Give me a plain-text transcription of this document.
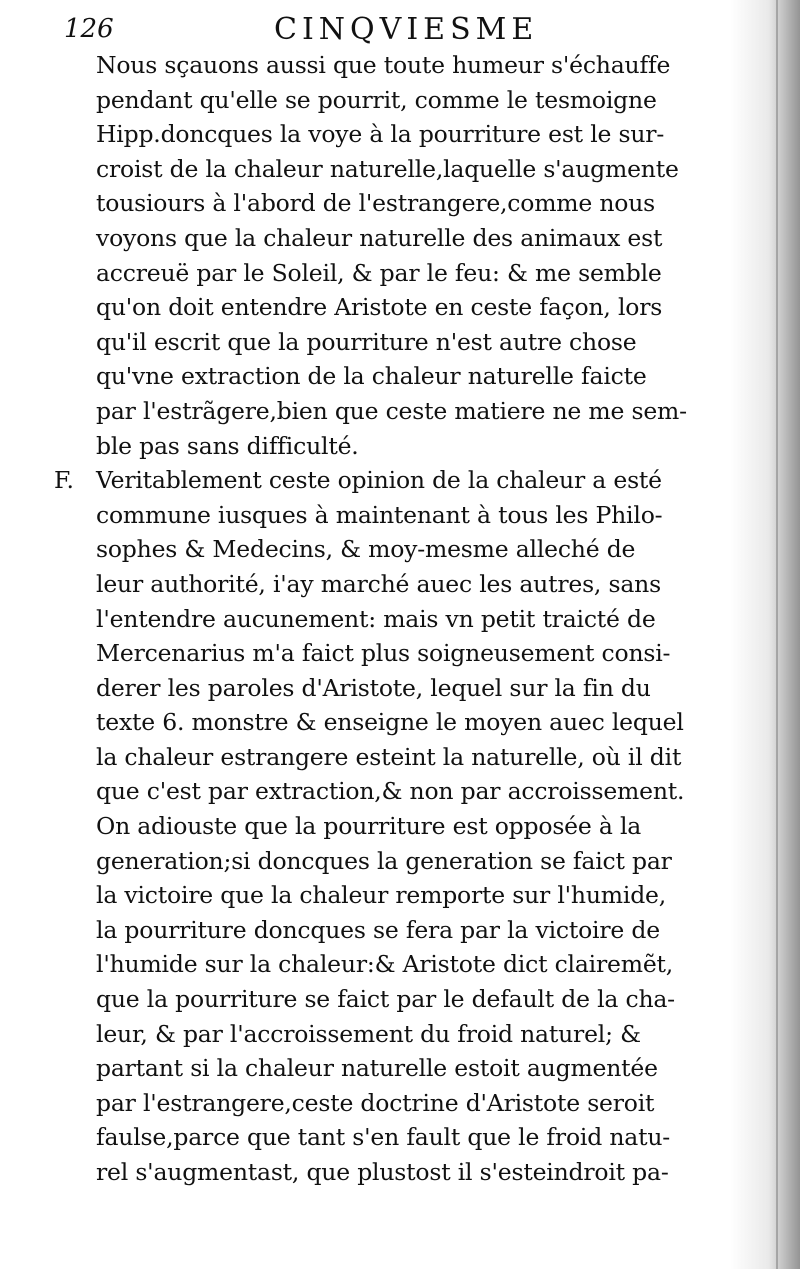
126	CINQVIESME
Nous sçauons aussi que toute humeur s'échauffe
pendant qu'elle se pourrit, comme le tesmoigne
Hipp.doncques la voye à la pourriture est le sur-
croist de la chaleur naturelle,laquelle s'augmente
tousiours à l'abord de l'estrangere,comme nous
voyons que la chaleur naturelle des animaux est
accreuë par le Soleil, & par le feu: & me semble
qu'on doit entendre Aristote en ceste façon, lors
qu'il escrit que la pourriture n'est autre chose
qu'vne extraction de la chaleur naturelle faicte
par l'estrãgere,bien que ceste matiere ne me sem-
ble pas sans difficulté.
F. Veritablement ceste opinion de la chaleur a esté
commune iusques à maintenant à tous les Philo-
sophes & Medecins, & moy-mesme alleché de
leur authorité, i'ay marché auec les autres, sans
l'entendre aucunement: mais vn petit traicté de
Mercenarius m'a faict plus soigneusement consi-
derer les paroles d'Aristote, lequel sur la fin du
texte 6. monstre & enseigne le moyen auec lequel
la chaleur estrangere esteint la naturelle, où il dit
que c'est par extraction,& non par accroissement.
On adiouste que la pourriture est opposée à la
generation;si doncques la generation se faict par
la victoire que la chaleur remporte sur l'humide,
la pourriture doncques se fera par la victoire de
l'humide sur la chaleur:& Aristote dict clairemẽt,
que la pourriture se faict par le default de la cha-
leur, & par l'accroissement du froid naturel; &
partant si la chaleur naturelle estoit augmentée
par l'estrangere,ceste doctrine d'Aristote seroit
faulse,parce que tant s'en fault que le froid natu-
rel s'augmentast, que plustost il s'esteindroit pa-
